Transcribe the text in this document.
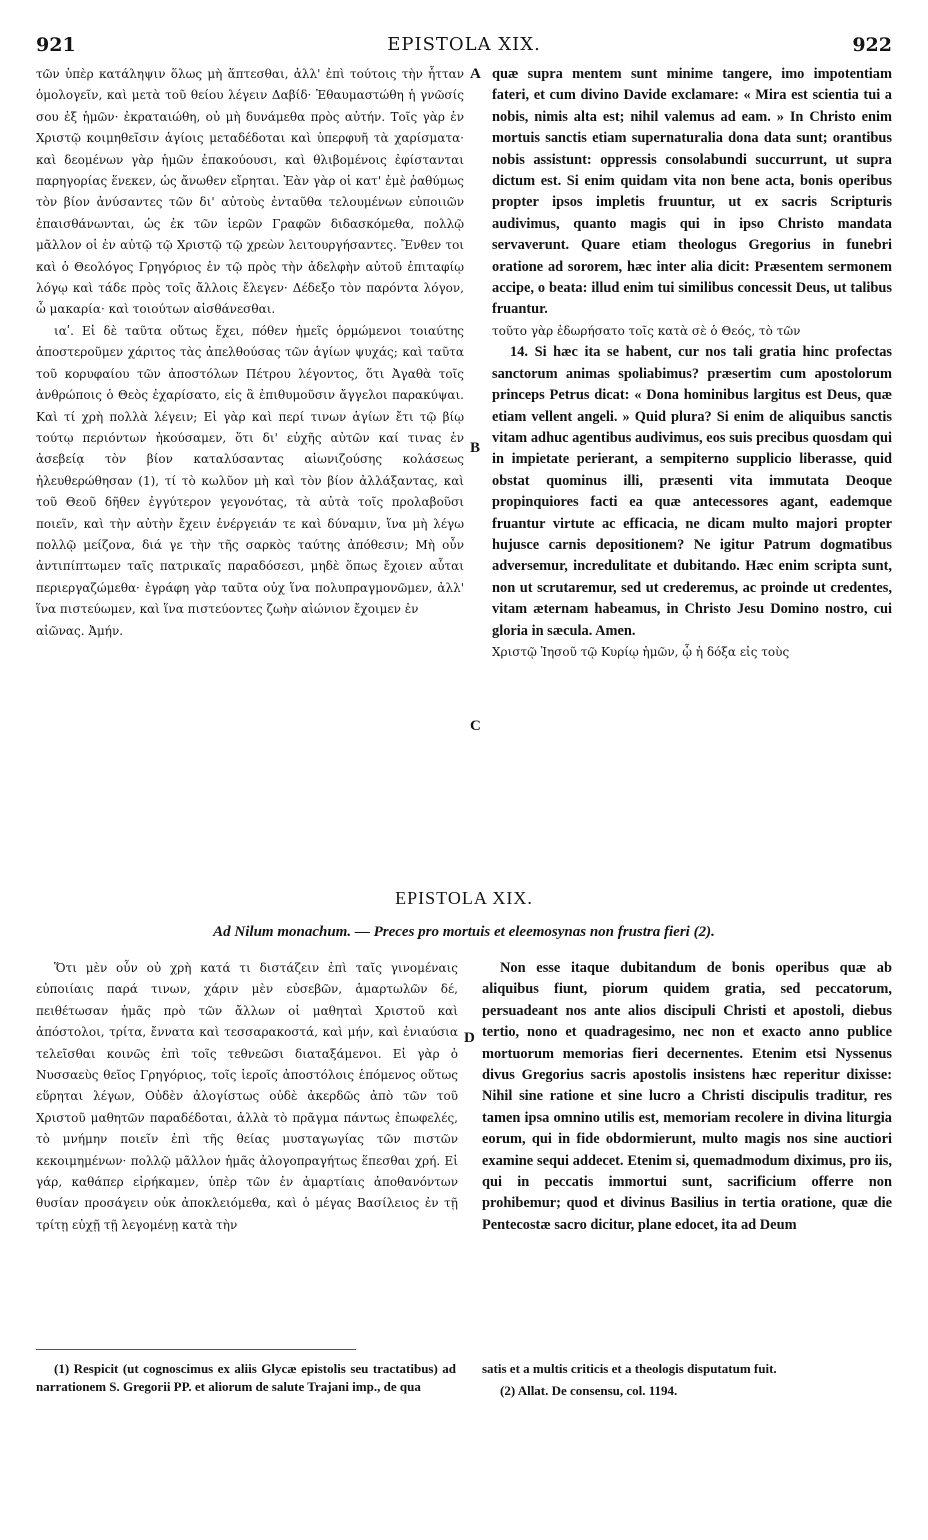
921	EPISTOLA XIX.	922

τῶν ὑπὲρ κατάληψιν ὅλως μὴ ἅπτεσθαι, ἀλλ' ἐπὶ τούτοις τὴν ἧτταν ὁμολογεῖν, καὶ μετὰ τοῦ θείου λέγειν Δαβίδ· Ἐθαυμαστώθη ἡ γνῶσίς σου ἐξ ἡμῶν· ἐκραταιώθη, οὐ μὴ δυνάμεθα πρὸς αὐτήν. Τοῖς γὰρ ἐν Χριστῷ κοιμηθεῖσιν ἁγίοις μεταδέδοται καὶ ὑπερφυῆ τὰ χαρίσματα· καὶ δεομένων γὰρ ἡμῶν ἐπακούουσι, καὶ θλιβομένοις ἐφίστανται παρηγορίας ἕνεκεν, ὡς ἄνωθεν εἴρηται. Ἐὰν γὰρ οἱ κατ' ἐμὲ ῥαθύμως τὸν βίον ἀνύσαντες τῶν δι' αὐτοὺς ἐνταῦθα τελουμένων εὐποιιῶν ἐπαισθάνωνται, ὡς ἐκ τῶν ἱερῶν Γραφῶν διδασκόμεθα, πολλῷ μᾶλλον οἱ ἐν αὐτῷ τῷ Χριστῷ τῷ χρεὼν λειτουργήσαντες. Ἔνθεν τοι καὶ ὁ Θεολόγος Γρηγόριος ἐν τῷ πρὸς τὴν ἀδελφὴν αὐτοῦ ἐπιταφίῳ λόγῳ καὶ τάδε πρὸς τοῖς ἄλλοις ἔλεγεν· Δέδεξο τὸν παρόντα λόγον, ὦ μακαρία· καὶ τοιούτων αἰσθάνεσθαι.

ιαʹ. Εἰ δὲ ταῦτα οὕτως ἔχει, πόθεν ἡμεῖς ὁρμώμενοι τοιαύτης ἀποστεροῦμεν χάριτος τὰς ἀπελθούσας τῶν ἁγίων ψυχάς; καὶ ταῦτα τοῦ κορυφαίου τῶν ἀποστόλων Πέτρου λέγοντος, ὅτι Ἀγαθὰ τοῖς ἀνθρώποις ὁ Θεὸς ἐχαρίσατο, εἰς ἃ ἐπιθυμοῦσιν ἄγγελοι παρακύψαι. Καὶ τί χρὴ πολλὰ λέγειν; Εἰ γὰρ καὶ περί τινων ἁγίων ἔτι τῷ βίῳ τούτῳ περιόντων ἠκούσαμεν, ὅτι δι' εὐχῆς αὐτῶν καί τινας ἐν ἀσεβείᾳ τὸν βίον καταλύσαντας αἰωνιζούσης κολάσεως ἠλευθερώθησαν (1), τί τὸ κωλῦον μὴ καὶ τὸν βίον ἀλλάξαντας, καὶ τοῦ Θεοῦ δῆθεν ἐγγύτερον γεγονότας, τὰ αὐτὰ τοῖς προλαβοῦσι ποιεῖν, καὶ τὴν αὐτὴν ἔχειν ἐνέργειάν τε καὶ δύναμιν, ἵνα μὴ λέγω πολλῷ μείζονα, διά γε τὴν τῆς σαρκὸς ταύτης ἀπόθεσιν; Μὴ οὖν ἀντιπίπτωμεν ταῖς πατρικαῖς παραδόσεσι, μηδὲ ὅπως ἔχοιεν αὗται περιεργαζώμεθα· ἐγράφη γὰρ ταῦτα οὐχ ἵνα πολυπραγμονῶμεν, ἀλλ' ἵνα πιστεύωμεν, καὶ ἵνα πιστεύοντες ζωὴν αἰώνιον ἔχοιμεν ἐν

αἰῶνας. Ἀμήν.

quæ supra mentem sunt minime tangere, imo impotentiam fateri, et cum divino Davide exclamare: « Mira est scientia tui a nobis, nimis alta est; nihil valemus ad eam. » In Christo enim mortuis sanctis etiam supernaturalia dona data sunt; orantibus nobis assistunt: oppressis consolabundi succurrunt, ut supra dictum est. Si enim quidam vita non bene acta, bonis operibus propter ipsos impletis fruuntur, ut ex sacris Scripturis audivimus, quanto magis qui in ipso Christo mandata servaverunt. Quare etiam theologus Gregorius in funebri oratione ad sororem, hæc inter alia dicit: Præsentem sermonem accipe, o beata: illud enim tui similibus concessit Deus, ut talibus fruantur.

τοῦτο γὰρ ἐδωρήσατο τοῖς κατὰ σὲ ὁ Θεός, τὸ τῶν

14. Si hæc ita se habent, cur nos tali gratia hinc profectas sanctorum animas spoliabimus? præsertim cum apostolorum princeps Petrus dicat: « Dona hominibus largitus est Deus, quæ etiam vellent angeli. » Quid plura? Si enim de aliquibus sanctis vitam adhuc agentibus audivimus, eos suis precibus quosdam qui in impietate perierant, a sempiterno supplicio liberasse, quid obstat quominus illi, præsenti vita immutata Deoque propinquiores facti ea quæ antecessores agant, eademque fruantur virtute ac efficacia, ne dicam multo majori propter hujusce carnis depositionem? Ne igitur Patrum dogmatibus adversemur, incredulitate et dubitando. Hæc enim scripta sunt, non ut scrutaremur, sed ut crederemus, ac proinde ut credentes, vitam æternam habeamus, in Christo Jesu Domino nostro, cui gloria in sæcula. Amen.

Χριστῷ Ἰησοῦ τῷ Κυρίῳ ἡμῶν, ᾧ ἡ δόξα εἰς τοὺς

A
B
C
EPISTOLA XIX.
Ad Nilum monachum. — Preces pro mortuis et eleemosynas non frustra fieri (2).

Ὅτι μὲν οὖν οὐ χρὴ κατά τι διστάζειν ἐπὶ ταῖς γινομέναις εὐποιίαις παρά τινων, χάριν μὲν εὐσεβῶν, ἁμαρτωλῶν δέ, πειθέτωσαν ἡμᾶς πρὸ τῶν ἄλλων οἱ μαθηταὶ Χριστοῦ καὶ ἀπόστολοι, τρίτα, ἔννατα καὶ τεσσαρακοστά, καὶ μήν, καὶ ἐνιαύσια τελεῖσθαι κοινῶς ἐπὶ τοῖς τεθνεῶσι διαταξάμενοι. Εἰ γὰρ ὁ Νυσσαεὺς θεῖος Γρηγόριος, τοῖς ἱεροῖς ἀποστόλοις ἑπόμενος οὕτως εὕρηται λέγων, Οὐδὲν ἀλογίστως οὐδὲ ἀκερδῶς ἀπὸ τῶν τοῦ Χριστοῦ μαθητῶν παραδέδοται, ἀλλὰ τὸ πρᾶγμα πάντως ἐπωφελές, τὸ μνήμην ποιεῖν ἐπὶ τῆς θείας μυσταγωγίας τῶν πιστῶν κεκοιμημένων· πολλῷ μᾶλλον ἡμᾶς ἀλογοπραγήτως ἕπεσθαι χρή. Εἰ γάρ, καθάπερ εἰρήκαμεν, ὑπὲρ τῶν ἐν ἁμαρτίαις ἀποθανόντων θυσίαν προσάγειν οὐκ ἀποκλειόμεθα, καὶ ὁ μέγας Βασίλειος ἐν τῇ τρίτῃ εὐχῇ τῇ λεγομένῃ κατὰ τὴν

Non esse itaque dubitandum de bonis operibus quæ ab aliquibus fiunt, piorum quidem gratia, sed peccatorum, persuadeant nos ante alios discipuli Christi et apostoli, diebus tertio, nono et quadragesimo, nec non et exacto anno publice mortuorum memorias fieri decernentes. Etenim etsi Nyssenus divus Gregorius sacris apostolis insistens hæc reperitur dixisse: Nihil sine ratione et sine lucro a Christi discipulis traditur, res tamen ipsa omnino utilis est, memoriam recolere in divina liturgia eorum, qui in fide obdormierunt, multo magis nos sine auctiori examine sequi addecet. Etenim si, quemadmodum diximus, pro iis, qui in peccatis immortui sunt, sacrificium offerre non prohibemur; quod et divinus Basilius in tertia oratione, quæ die Pentecostæ sacro dicitur, plane edocet, ita ad Deum

D

(1) Respicit (ut cognoscimus ex aliis Glycæ epistolis seu tractatibus) ad narrationem S. Gregorii PP. et aliorum de salute Trajani imp., de qua

satis et a multis criticis et a theologis disputatum fuit.

(2) Allat. De consensu, col. 1194.
